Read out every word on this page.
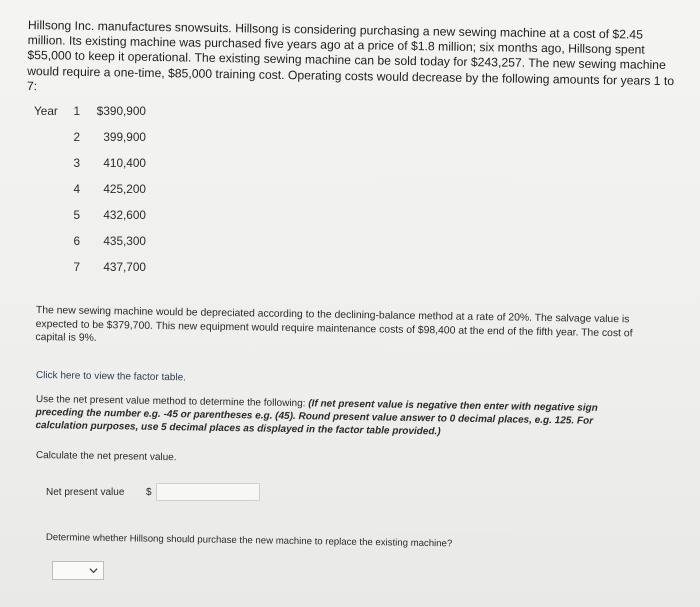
Hillsong Inc. manufactures snowsuits. Hillsong is considering purchasing a new sewing machine at a cost of $2.45 million. Its existing machine was purchased five years ago at a price of $1.8 million; six months ago, Hillsong spent $55,000 to keep it operational. The existing sewing machine can be sold today for $243,257. The new sewing machine would require a one-time, $85,000 training cost. Operating costs would decrease by the following amounts for years 1 to 7:
Year	1 $390,900
2	399,900
3	410,400
4	425,200
5	432,600
6	435,300
7	437,700
The new sewing machine would be depreciated according to the declining-balance method at a rate of 20%. The salvage value is expected to be $379,700. This new equipment would require maintenance costs of $98,400 at the end of the fifth year. The cost of capital is 9%.
Click here to view the factor table.
Use the net present value method to determine the following: (If net present value is negative then enter with negative sign preceding the number e.g. -45 or parentheses e.g. (45). Round present value answer to 0 decimal places, e.g. 125. For calculation purposes, use 5 decimal places as displayed in the factor table provided.)
Calculate the net present value.
Net present value $
Determine whether Hillsong should purchase the new machine to replace the existing machine?
